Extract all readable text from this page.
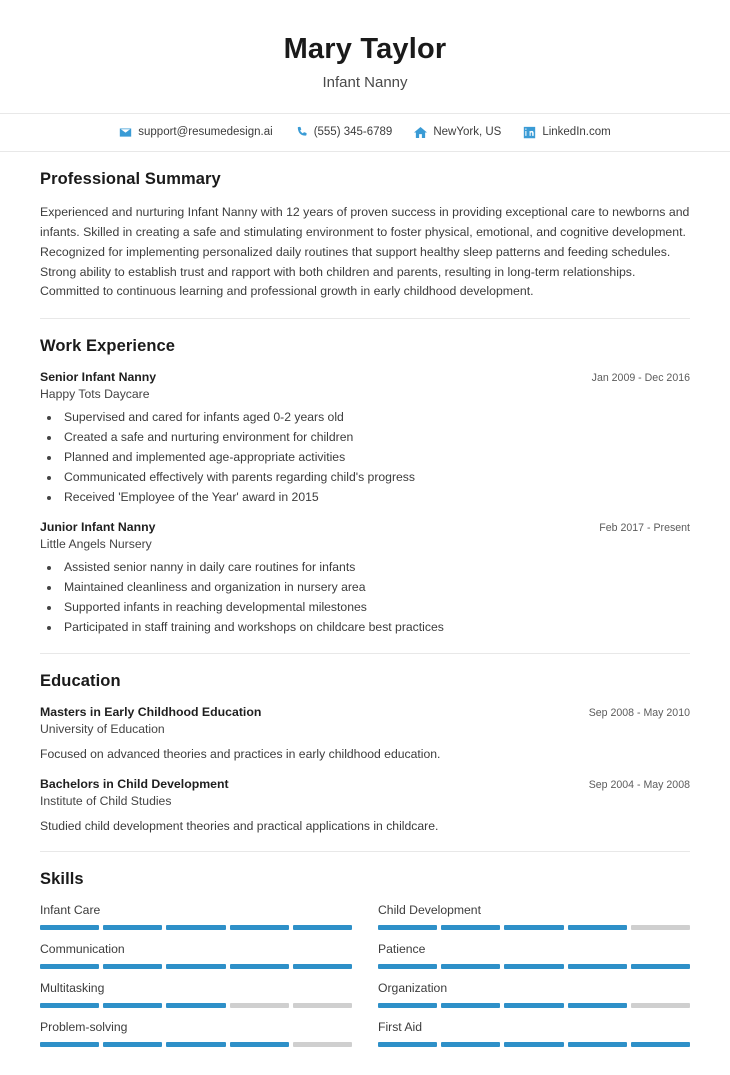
Mary Taylor
Infant Nanny
support@resumedesign.ai	(555) 345-6789	NewYork, US	LinkedIn.com
Professional Summary
Experienced and nurturing Infant Nanny with 12 years of proven success in providing exceptional care to newborns and infants. Skilled in creating a safe and stimulating environment to foster physical, emotional, and cognitive development. Recognized for implementing personalized daily routines that support healthy sleep patterns and feeding schedules. Strong ability to establish trust and rapport with both children and parents, resulting in long-term relationships. Committed to continuous learning and professional growth in early childhood development.
Work Experience
Senior Infant Nanny	Jan 2009 - Dec 2016
Happy Tots Daycare
• Supervised and cared for infants aged 0-2 years old
• Created a safe and nurturing environment for children
• Planned and implemented age-appropriate activities
• Communicated effectively with parents regarding child's progress
• Received 'Employee of the Year' award in 2015
Junior Infant Nanny	Feb 2017 - Present
Little Angels Nursery
• Assisted senior nanny in daily care routines for infants
• Maintained cleanliness and organization in nursery area
• Supported infants in reaching developmental milestones
• Participated in staff training and workshops on childcare best practices
Education
Masters in Early Childhood Education	Sep 2008 - May 2010
University of Education
Focused on advanced theories and practices in early childhood education.
Bachelors in Child Development	Sep 2004 - May 2008
Institute of Child Studies
Studied child development theories and practical applications in childcare.
Skills
Infant Care	Child Development
Communication	Patience
Multitasking	Organization
Problem-solving	First Aid
